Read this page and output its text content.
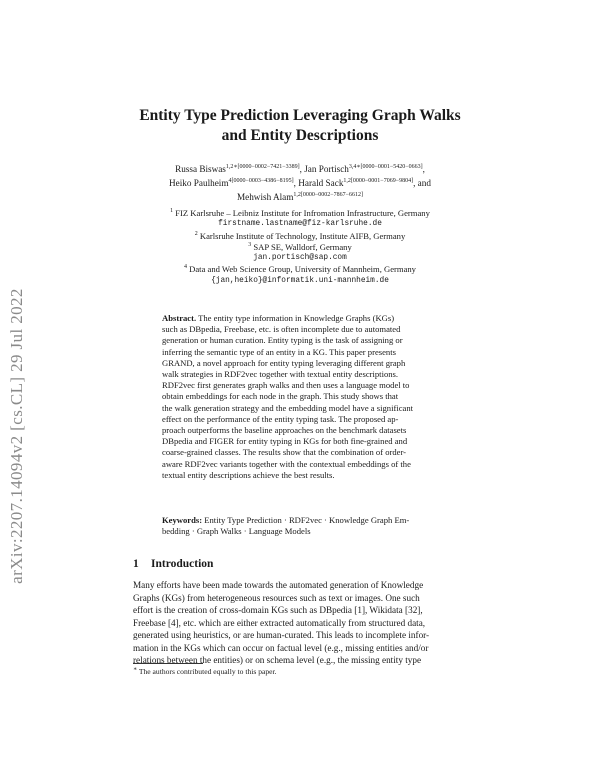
arXiv:2207.14094v2 [cs.CL] 29 Jul 2022
Entity Type Prediction Leveraging Graph Walks
and Entity Descriptions
Russa Biswas$^{1,2∗[0000-0002-7421-3389]}$, Jan Portisch$^{3,4∗[0000-0001-5420-0663]}$,
Heiko Paulheim$^{4[0000-0003-4386-8195]}$, Harald Sack$^{1,2[0000-0001-7069-9804]}$, and
Mehwish Alam$^{1,2[0000-0002-7867-6612]}$
$^1$ FIZ Karlsruhe – Leibniz Institute for Infromation Infrastructure, Germany
firstname.lastname@fiz-karlsruhe.de
$^2$ Karlsruhe Institute of Technology, Institute AIFB, Germany
$^3$ SAP SE, Walldorf, Germany
jan.portisch@sap.com
$^4$ Data and Web Science Group, University of Mannheim, Germany
{jan,heiko}@informatik.uni-mannheim.de
Abstract. The entity type information in Knowledge Graphs (KGs)
such as DBpedia, Freebase, etc. is often incomplete due to automated
generation or human curation. Entity typing is the task of assigning or
inferring the semantic type of an entity in a KG. This paper presents
GRAND, a novel approach for entity typing leveraging different graph
walk strategies in RDF2vec together with textual entity descriptions.
RDF2vec first generates graph walks and then uses a language model to
obtain embeddings for each node in the graph. This study shows that
the walk generation strategy and the embedding model have a significant
effect on the performance of the entity typing task. The proposed ap-
proach outperforms the baseline approaches on the benchmark datasets
DBpedia and FIGER for entity typing in KGs for both fine-grained and
coarse-grained classes. The results show that the combination of order-
aware RDF2vec variants together with the contextual embeddings of the
textual entity descriptions achieve the best results.
Keywords: Entity Type Prediction · RDF2vec · Knowledge Graph Em-
bedding · Graph Walks · Language Models
1 Introduction
Many efforts have been made towards the automated generation of Knowledge
Graphs (KGs) from heterogeneous resources such as text or images. One such
effort is the creation of cross-domain KGs such as DBpedia [1], Wikidata [32],
Freebase [4], etc. which are either extracted automatically from structured data,
generated using heuristics, or are human-curated. This leads to incomplete infor-
mation in the KGs which can occur on factual level (e.g., missing entities and/or
relations between the entities) or on schema level (e.g., the missing entity type
∗ The authors contributed equally to this paper.
